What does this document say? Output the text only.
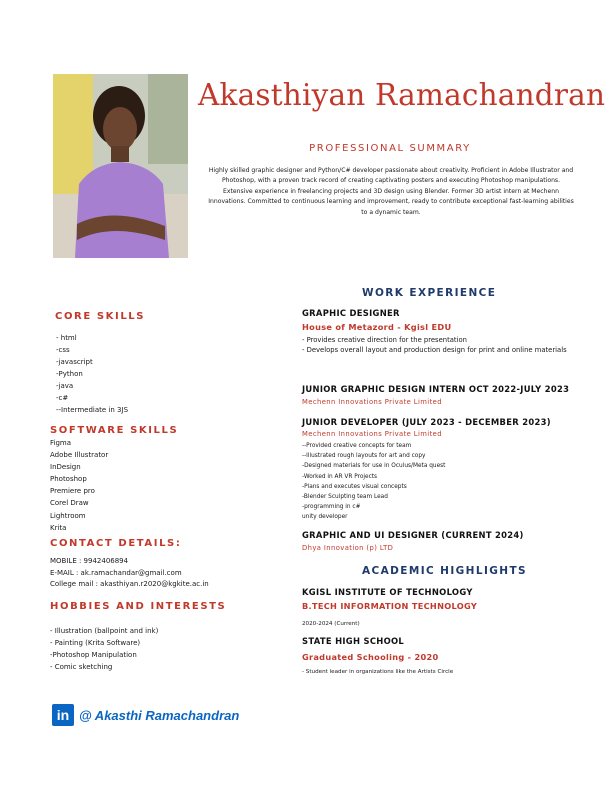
Akasthiyan Ramachandran
PROFESSIONAL SUMMARY
Highly skilled graphic designer and Python/C# developer passionate about creativity. Proficient in Adobe Illustrator and Photoshop, with a proven track record of creating captivating posters and executing Photoshop manipulations. Extensive experience in freelancing projects and 3D design using Blender. Former 3D artist intern at Mechenn Innovations. Committed to continuous learning and improvement, ready to contribute exceptional fast-learning abilities to a dynamic team.
CORE SKILLS
- html
-css
-javascript
-Python
-java
-c#
--Intermediate in 3JS
SOFTWARE SKILLS
Figma
Adobe Illustrator
InDesign
Photoshop
Premiere pro
Corel Draw
Lightroom
Krita
CONTACT DETAILS:
MOBILE : 9942406894
E-MAIL : ak.ramachandar@gmail.com
College mail : akasthiyan.r2020@kgkite.ac.in
HOBBIES AND INTERESTS
- Illustration (ballpoint and ink)
- Painting (Krita Software)
-Photoshop Manipulation
- Comic sketching
WORK EXPERIENCE
GRAPHIC DESIGNER
House of Metazord - Kgisl EDU
- Provides creative direction for the presentation
- Develops overall layout and production design for print and online materials
JUNIOR GRAPHIC DESIGN INTERN OCT 2022-JULY 2023
Mechenn Innovations Private Limited
JUNIOR DEVELOPER (JULY 2023 - DECEMBER 2023)
Mechenn Innovations Private Limited
--Provided creative concepts for team
--Illustrated rough layouts for art and copy
-Designed materials for use in Oculus/Meta quest
-Worked in AR VR Projects
-Plans and executes visual concepts
-Blender Sculpting team Lead
-programming in c#
unity developer
GRAPHIC AND UI DESIGNER (CURRENT 2024)
Dhya Innovation (p) LTD
ACADEMIC HIGHLIGHTS
KGISL INSTITUTE OF TECHNOLOGY
B.TECH INFORMATION TECHNOLOGY
2020-2024 (Current)
STATE HIGH SCHOOL
Graduated Schooling - 2020
- Student leader in organizations like the Artists Circle
in @ Akasthi Ramachandran
